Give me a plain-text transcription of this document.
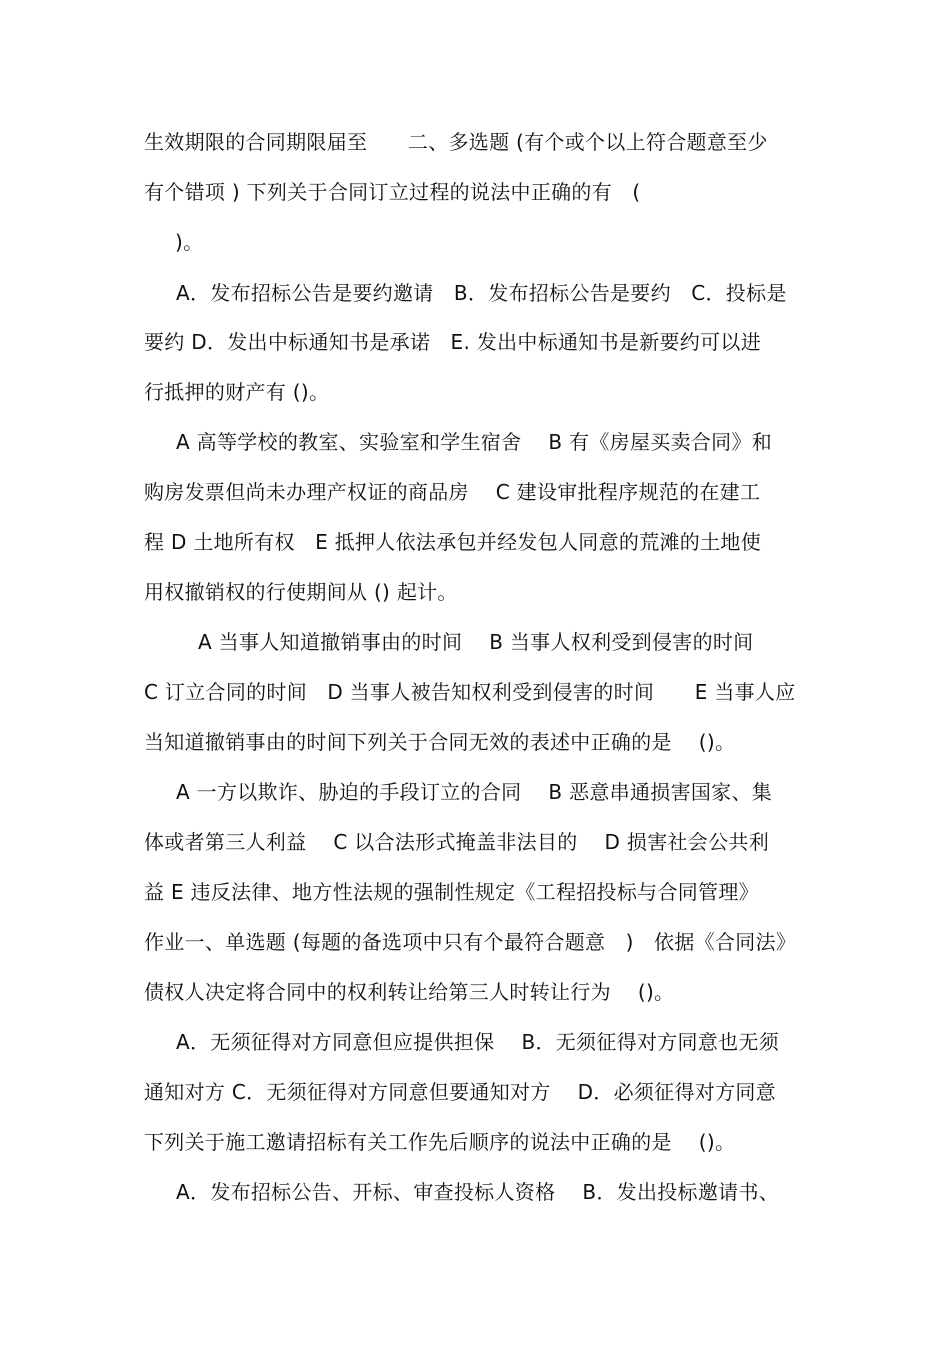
生效期限的合同期限届至　　二、多选题 (有个或个以上符合题意至少
有个错项 ) 下列关于合同订立过程的说法中正确的有　(
)。
A．发布招标公告是要约邀请　B．发布招标公告是要约　C．投标是
要约 D．发出中标通知书是承诺　E. 发出中标通知书是新要约可以进
行抵押的财产有 ()。
A 高等学校的教室、实验室和学生宿舍　 B 有《房屋买卖合同》和
购房发票但尚未办理产权证的商品房　 C 建设审批程序规范的在建工
程 D 土地所有权　E 抵押人依法承包并经发包人同意的荒滩的土地使
用权撤销权的行使期间从 () 起计。
A 当事人知道撤销事由的时间　 B 当事人权利受到侵害的时间
C 订立合同的时间　D 当事人被告知权利受到侵害的时间　　E 当事人应
当知道撤销事由的时间下列关于合同无效的表述中正确的是　 ()。
A 一方以欺诈、胁迫的手段订立的合同　 B 恶意串通损害国家、集
体或者第三人利益　 C 以合法形式掩盖非法目的　 D 损害社会公共利
益 E 违反法律、地方性法规的强制性规定《工程招投标与合同管理》
作业一、单选题 (每题的备选项中只有个最符合题意　)　依据《合同法》
债权人决定将合同中的权利转让给第三人时转让行为　 ()。
A．无须征得对方同意但应提供担保　 B．无须征得对方同意也无须
通知对方 C．无须征得对方同意但要通知对方　 D．必须征得对方同意
下列关于施工邀请招标有关工作先后顺序的说法中正确的是　 ()。
A．发布招标公告、开标、审查投标人资格　 B．发出投标邀请书、
